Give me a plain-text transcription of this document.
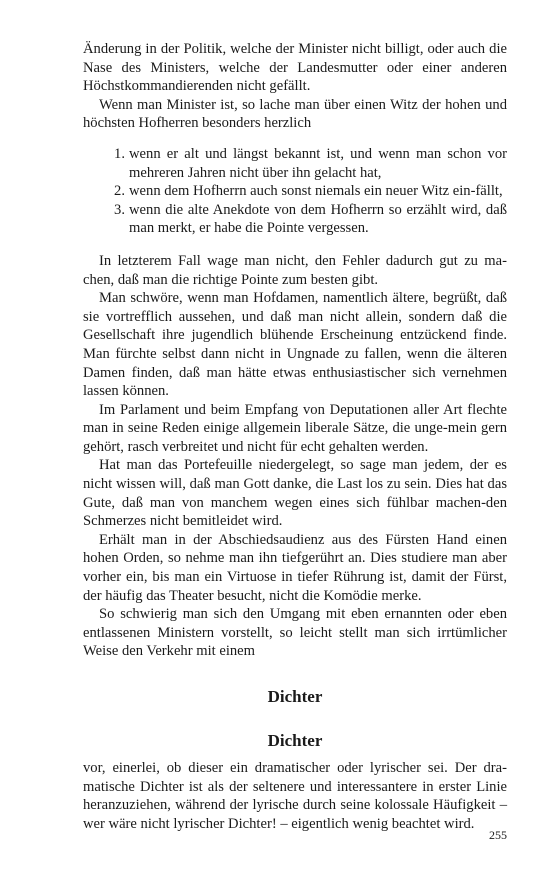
Änderung in der Politik, welche der Minister nicht billigt, oder auch die Nase des Ministers, welche der Landesmutter oder einer anderen Höchstkommandierenden nicht gefällt.

Wenn man Minister ist, so lache man über einen Witz der hohen und höchsten Hofherren besonders herzlich

1. wenn er alt und längst bekannt ist, und wenn man schon vor mehreren Jahren nicht über ihn gelacht hat,
2. wenn dem Hofherrn auch sonst niemals ein neuer Witz ein-fällt,
3. wenn die alte Anekdote von dem Hofherrn so erzählt wird, daß man merkt, er habe die Pointe vergessen.

In letzterem Fall wage man nicht, den Fehler dadurch gut zu ma-chen, daß man die richtige Pointe zum besten gibt.

Man schwöre, wenn man Hofdamen, namentlich ältere, begrüßt, daß sie vortrefflich aussehen, und daß man nicht allein, sondern daß die Gesellschaft ihre jugendlich blühende Erscheinung entzückend finde. Man fürchte selbst dann nicht in Ungnade zu fallen, wenn die älteren Damen finden, daß man hätte etwas enthusiastischer sich vernehmen lassen können.

Im Parlament und beim Empfang von Deputationen aller Art flechte man in seine Reden einige allgemein liberale Sätze, die unge-mein gern gehört, rasch verbreitet und nicht für echt gehalten werden.

Hat man das Portefeuille niedergelegt, so sage man jedem, der es nicht wissen will, daß man Gott danke, die Last los zu sein. Dies hat das Gute, daß man von manchem wegen eines sich fühlbar machen-den Schmerzes nicht bemitleidet wird.

Erhält man in der Abschiedsaudienz aus des Fürsten Hand einen hohen Orden, so nehme man ihn tiefgerührt an. Dies studiere man aber vorher ein, bis man ein Virtuose in tiefer Rührung ist, damit der Fürst, der häufig das Theater besucht, nicht die Komödie merke.

So schwierig man sich den Umgang mit eben ernannten oder eben entlassenen Ministern vorstellt, so leicht stellt man sich irrtümlicher Weise den Verkehr mit einem

Dichter
Dichter

vor, einerlei, ob dieser ein dramatischer oder lyrischer sei. Der dra-matische Dichter ist als der seltenere und interessantere in erster Linie heranzuziehen, während der lyrische durch seine kolossale Häufigkeit – wer wäre nicht lyrischer Dichter! – eigentlich wenig beachtet wird.

255
